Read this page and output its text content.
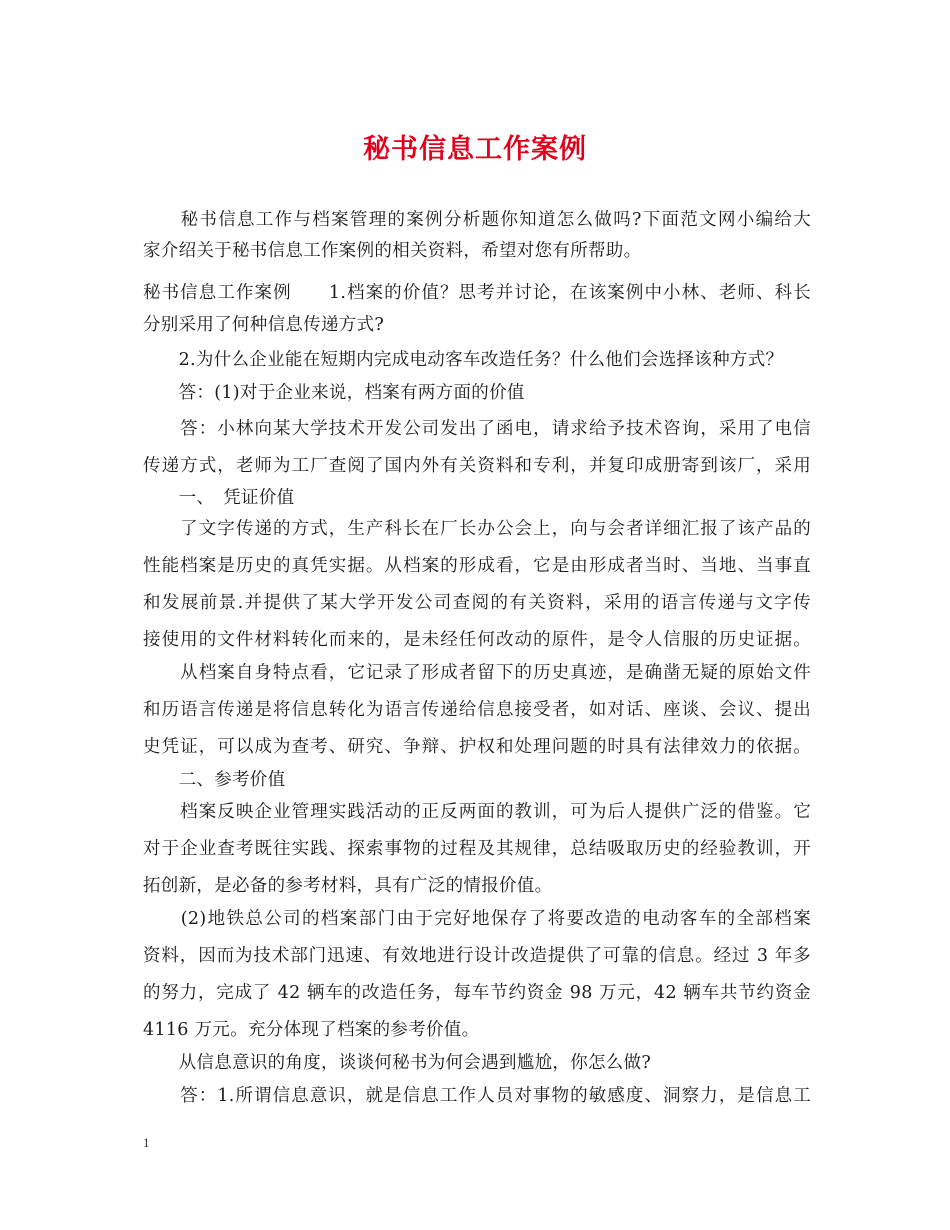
秘书信息工作案例
　　秘书信息工作与档案管理的案例分析题你知道怎么做吗?下面范文网小编给大
家介绍关于秘书信息工作案例的相关资料，希望对您有所帮助。
秘书信息工作案例　　1.档案的价值？思考并讨论，在该案例中小林、老师、科长
分别采用了何种信息传递方式?
　　2.为什么企业能在短期内完成电动客车改造任务？什么他们会选择该种方式？
　　答：(1)对于企业来说，档案有两方面的价值
　　答：小林向某大学技术开发公司发出了函电，请求给予技术咨询，采用了电信
传递方式，老师为工厂查阅了国内外有关资料和专利，并复印成册寄到该厂，采用
　　一、　凭证价值
　　了文字传递的方式，生产科长在厂长办公会上，向与会者详细汇报了该产品的
性能档案是历史的真凭实据。从档案的形成看，它是由形成者当时、当地、当事直
和发展前景.并提供了某大学开发公司查阅的有关资料，采用的语言传递与文字传
接使用的文件材料转化而来的，是未经任何改动的原件，是令人信服的历史证据。
　　从档案自身特点看，它记录了形成者留下的历史真迹，是确凿无疑的原始文件
和历语言传递是将信息转化为语言传递给信息接受者，如对话、座谈、会议、提出
史凭证，可以成为查考、研究、争辩、护权和处理问题的时具有法律效力的依据。
　　二、参考价值
　　档案反映企业管理实践活动的正反两面的教训，可为后人提供广泛的借鉴。它
对于企业查考既往实践、探索事物的过程及其规律，总结吸取历史的经验教训，开
拓创新，是必备的参考材料，具有广泛的情报价值。
　　(2)地铁总公司的档案部门由于完好地保存了将要改造的电动客车的全部档案
资料，因而为技术部门迅速、有效地进行设计改造提供了可靠的信息。经过 3 年多
的努力，完成了 42 辆车的改造任务，每车节约资金 98 万元，42 辆车共节约资金
4116 万元。充分体现了档案的参考价值。
　　从信息意识的角度，谈谈何秘书为何会遇到尴尬，你怎么做?
　　答：1.所谓信息意识，就是信息工作人员对事物的敏感度、洞察力，是信息工
1
